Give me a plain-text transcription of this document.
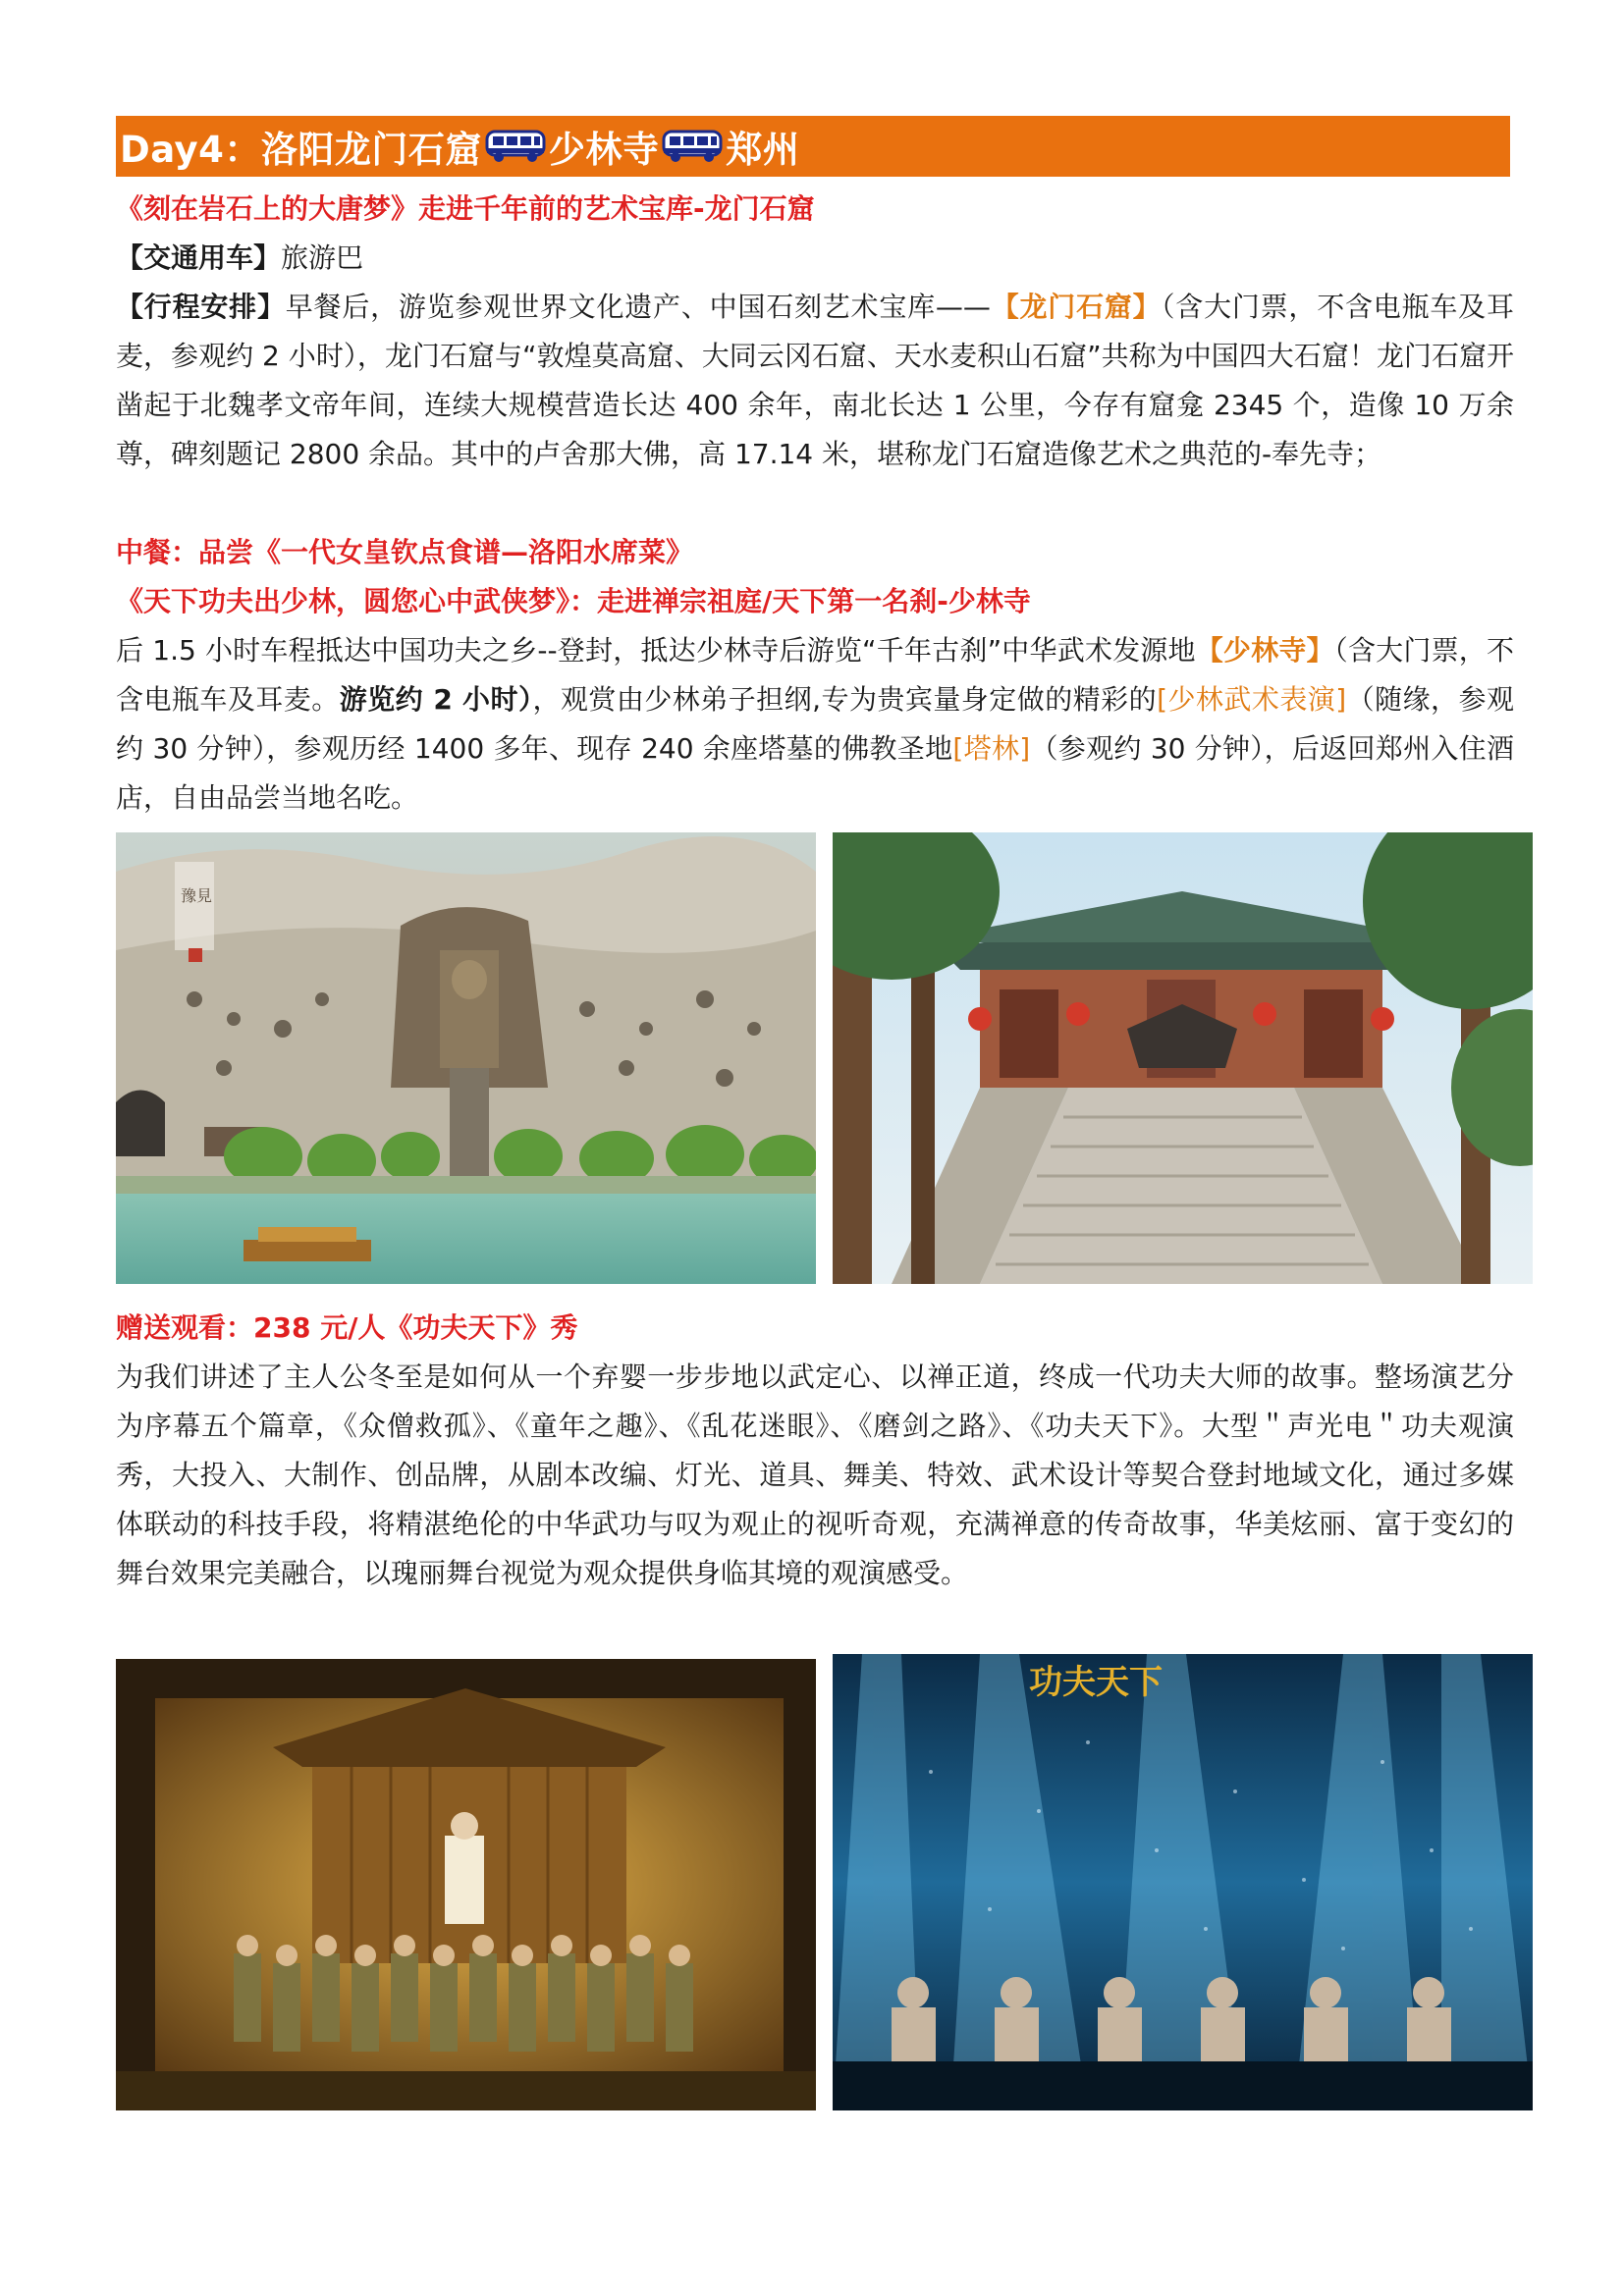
Day4：洛阳龙门石窟 少林寺 郑州
《刻在岩石上的大唐梦》走进千年前的艺术宝库-龙门石窟
【交通用车】旅游巴
【行程安排】早餐后，游览参观世界文化遗产、中国石刻艺术宝库——【龙门石窟】（含大门票，不含电瓶车及耳麦，参观约 2 小时），龙门石窟与“敦煌莫高窟、大同云冈石窟、天水麦积山石窟”共称为中国四大石窟！龙门石窟开凿起于北魏孝文帝年间，连续大规模营造长达 400 余年，南北长达 1 公里，今存有窟龛 2345 个，造像 10 万余尊，碑刻题记 2800 余品。其中的卢舍那大佛，高 17.14 米，堪称龙门石窟造像艺术之典范的-奉先寺；
中餐：品尝《一代女皇钦点食谱—洛阳水席菜》
《天下功夫出少林，圆您心中武侠梦》：走进禅宗祖庭/天下第一名刹-少林寺
后 1.5 小时车程抵达中国功夫之乡--登封，抵达少林寺后游览“千年古刹”中华武术发源地【少林寺】（含大门票，不含电瓶车及耳麦。游览约 2 小时），观赏由少林弟子担纲,专为贵宾量身定做的精彩的[少林武术表演]（随缘，参观约 30 分钟），参观历经 1400 多年、现存 240 余座塔墓的佛教圣地[塔林]（参观约 30 分钟），后返回郑州入住酒店，自由品尝当地名吃。
豫見
赠送观看：238 元/人《功夫天下》秀
为我们讲述了主人公冬至是如何从一个弃婴一步步地以武定心、以禅正道，终成一代功夫大师的故事。整场演艺分为序幕五个篇章，《众僧救孤》、《童年之趣》、《乱花迷眼》、《磨剑之路》、《功夫天下》。大型＂声光电＂功夫观演秀，大投入、大制作、创品牌，从剧本改编、灯光、道具、舞美、特效、武术设计等契合登封地域文化，通过多媒体联动的科技手段，将精湛绝伦的中华武功与叹为观止的视听奇观，充满禅意的传奇故事，华美炫丽、富于变幻的舞台效果完美融合，以瑰丽舞台视觉为观众提供身临其境的观演感受。
功夫天下
